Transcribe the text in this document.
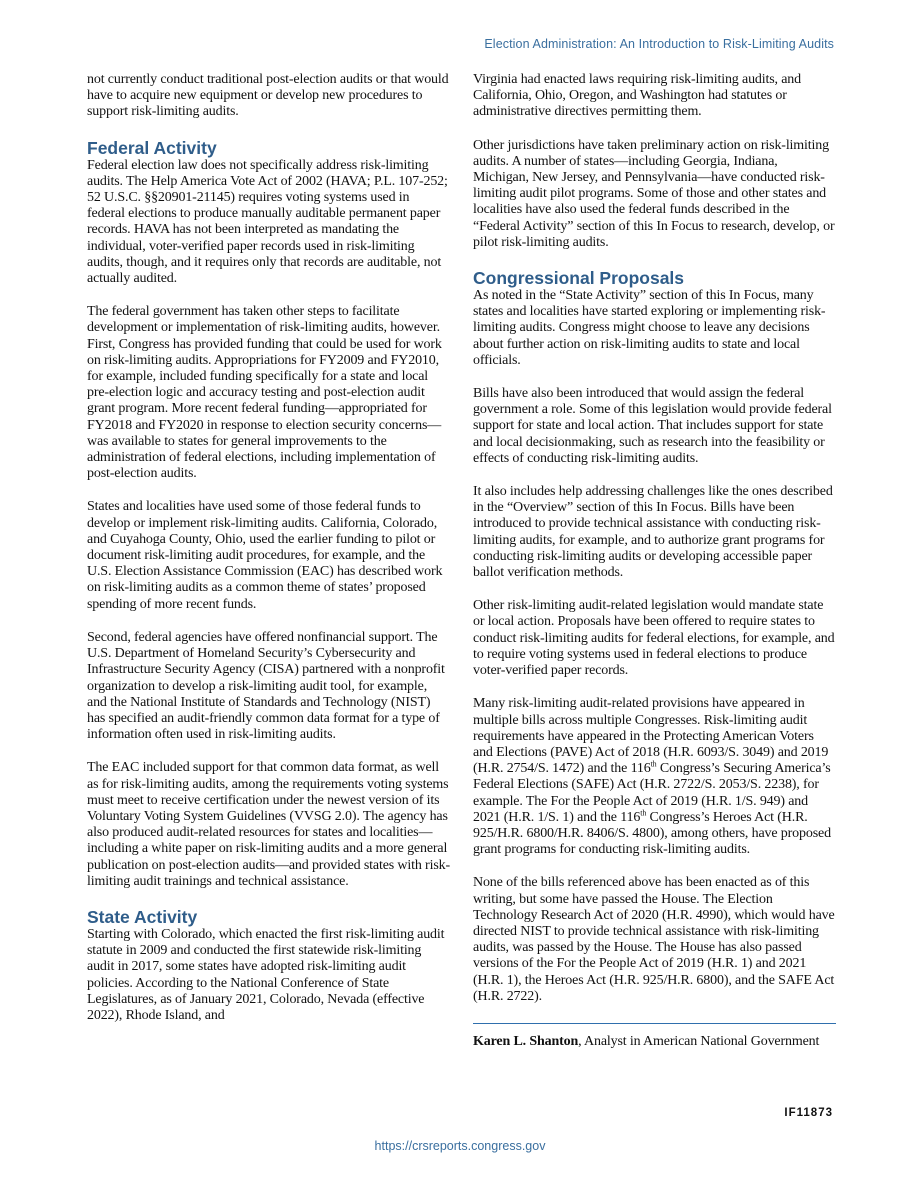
Election Administration: An Introduction to Risk-Limiting Audits

not currently conduct traditional post-election audits or that would have to acquire new equipment or develop new procedures to support risk-limiting audits.

Federal Activity

Federal election law does not specifically address risk-limiting audits. The Help America Vote Act of 2002 (HAVA; P.L. 107-252; 52 U.S.C. §§20901-21145) requires voting systems used in federal elections to produce manually auditable permanent paper records. HAVA has not been interpreted as mandating the individual, voter-verified paper records used in risk-limiting audits, though, and it requires only that records are auditable, not actually audited.

The federal government has taken other steps to facilitate development or implementation of risk-limiting audits, however. First, Congress has provided funding that could be used for work on risk-limiting audits. Appropriations for FY2009 and FY2010, for example, included funding specifically for a state and local pre-election logic and accuracy testing and post-election audit grant program. More recent federal funding—appropriated for FY2018 and FY2020 in response to election security concerns—was available to states for general improvements to the administration of federal elections, including implementation of post-election audits.

States and localities have used some of those federal funds to develop or implement risk-limiting audits. California, Colorado, and Cuyahoga County, Ohio, used the earlier funding to pilot or document risk-limiting audit procedures, for example, and the U.S. Election Assistance Commission (EAC) has described work on risk-limiting audits as a common theme of states’ proposed spending of more recent funds.

Second, federal agencies have offered nonfinancial support. The U.S. Department of Homeland Security’s Cybersecurity and Infrastructure Security Agency (CISA) partnered with a nonprofit organization to develop a risk-limiting audit tool, for example, and the National Institute of Standards and Technology (NIST) has specified an audit-friendly common data format for a type of information often used in risk-limiting audits.

The EAC included support for that common data format, as well as for risk-limiting audits, among the requirements voting systems must meet to receive certification under the newest version of its Voluntary Voting System Guidelines (VVSG 2.0). The agency has also produced audit-related resources for states and localities—including a white paper on risk-limiting audits and a more general publication on post-election audits—and provided states with risk-limiting audit trainings and technical assistance.

State Activity

Starting with Colorado, which enacted the first risk-limiting audit statute in 2009 and conducted the first statewide risk-limiting audit in 2017, some states have adopted risk-limiting audit policies. According to the National Conference of State Legislatures, as of January 2021, Colorado, Nevada (effective 2022), Rhode Island, and

Virginia had enacted laws requiring risk-limiting audits, and California, Ohio, Oregon, and Washington had statutes or administrative directives permitting them.

Other jurisdictions have taken preliminary action on risk-limiting audits. A number of states—including Georgia, Indiana, Michigan, New Jersey, and Pennsylvania—have conducted risk-limiting audit pilot programs. Some of those and other states and localities have also used the federal funds described in the “Federal Activity” section of this In Focus to research, develop, or pilot risk-limiting audits.

Congressional Proposals

As noted in the “State Activity” section of this In Focus, many states and localities have started exploring or implementing risk-limiting audits. Congress might choose to leave any decisions about further action on risk-limiting audits to state and local officials.

Bills have also been introduced that would assign the federal government a role. Some of this legislation would provide federal support for state and local action. That includes support for state and local decisionmaking, such as research into the feasibility or effects of conducting risk-limiting audits.

It also includes help addressing challenges like the ones described in the “Overview” section of this In Focus. Bills have been introduced to provide technical assistance with conducting risk-limiting audits, for example, and to authorize grant programs for conducting risk-limiting audits or developing accessible paper ballot verification methods.

Other risk-limiting audit-related legislation would mandate state or local action. Proposals have been offered to require states to conduct risk-limiting audits for federal elections, for example, and to require voting systems used in federal elections to produce voter-verified paper records.

Many risk-limiting audit-related provisions have appeared in multiple bills across multiple Congresses. Risk-limiting audit requirements have appeared in the Protecting American Voters and Elections (PAVE) Act of 2018 (H.R. 6093/S. 3049) and 2019 (H.R. 2754/S. 1472) and the 116th Congress’s Securing America’s Federal Elections (SAFE) Act (H.R. 2722/S. 2053/S. 2238), for example. The For the People Act of 2019 (H.R. 1/S. 949) and 2021 (H.R. 1/S. 1) and the 116th Congress’s Heroes Act (H.R. 925/H.R. 6800/H.R. 8406/S. 4800), among others, have proposed grant programs for conducting risk-limiting audits.

None of the bills referenced above has been enacted as of this writing, but some have passed the House. The Election Technology Research Act of 2020 (H.R. 4990), which would have directed NIST to provide technical assistance with risk-limiting audits, was passed by the House. The House has also passed versions of the For the People Act of 2019 (H.R. 1) and 2021 (H.R. 1), the Heroes Act (H.R. 925/H.R. 6800), and the SAFE Act (H.R. 2722).

Karen L. Shanton, Analyst in American National Government

IF11873
https://crsreports.congress.gov
